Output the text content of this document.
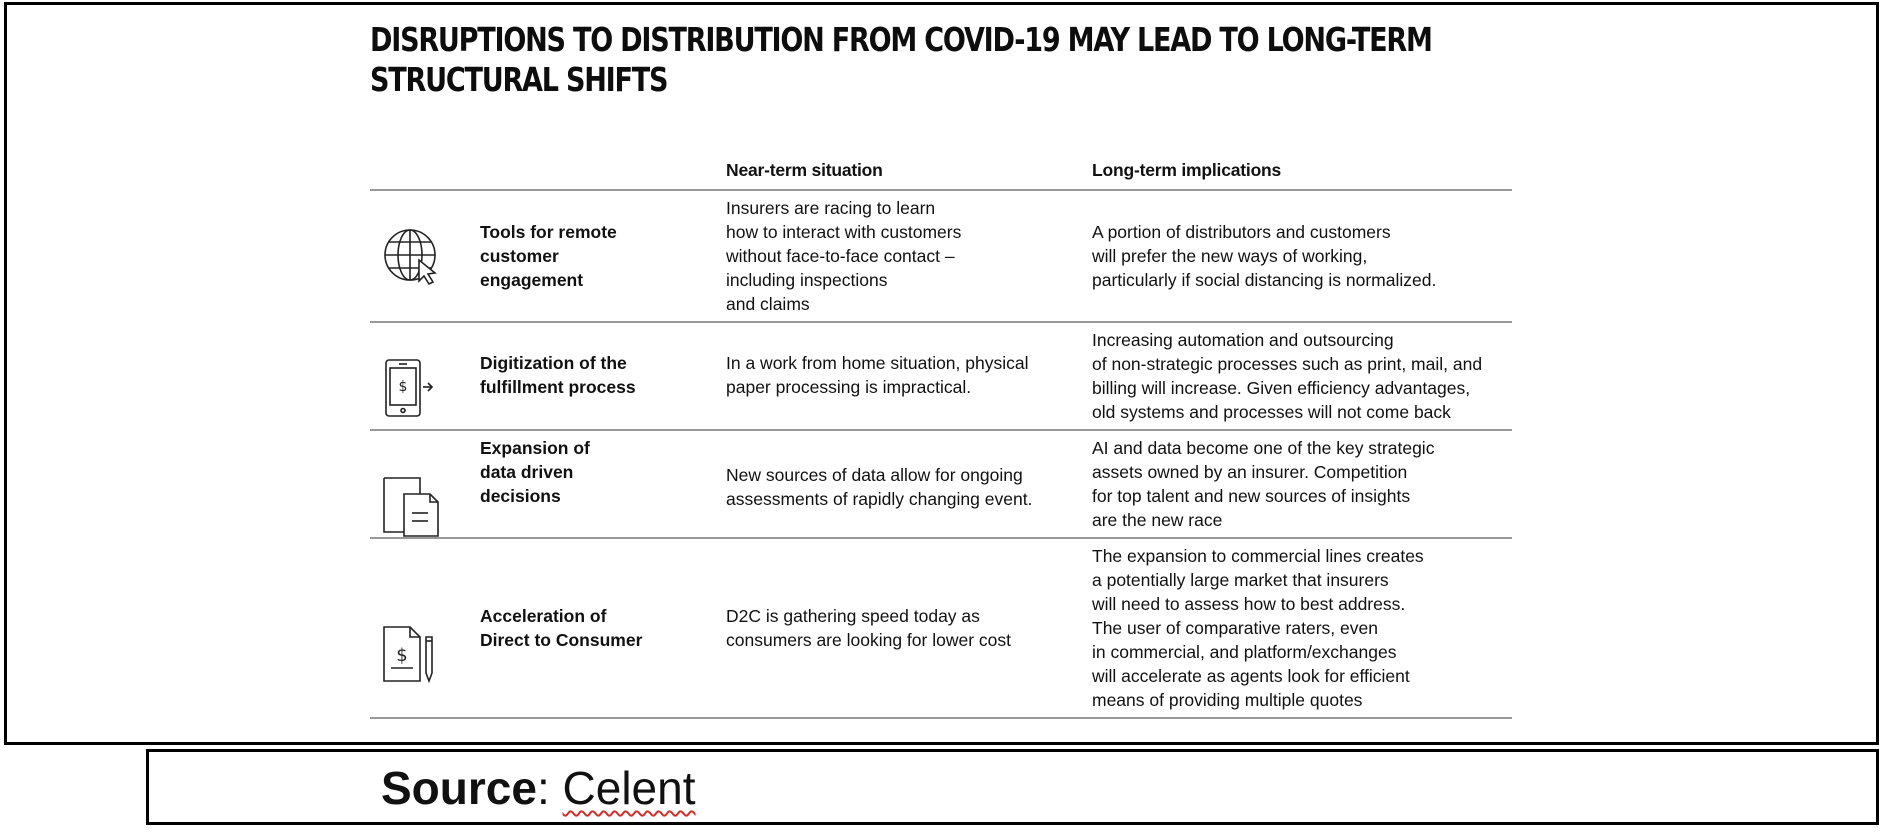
DISRUPTIONS TO DISTRIBUTION FROM COVID-19 MAY LEAD TO LONG-TERM
STRUCTURAL SHIFTS
Near-term situation	Long-term implications
Tools for remote
customer
engagement
Insurers are racing to learn
how to interact with customers
without face-to-face contact –
including inspections
and claims
A portion of distributors and customers
will prefer the new ways of working,
particularly if social distancing is normalized.
$
Digitization of the
fulfillment process
In a work from home situation, physical
paper processing is impractical.
Increasing automation and outsourcing
of non-strategic processes such as print, mail, and
billing will increase. Given efficiency advantages,
old systems and processes will not come back
Expansion of
data driven
decisions
New sources of data allow for ongoing
assessments of rapidly changing event.
AI and data become one of the key strategic
assets owned by an insurer. Competition
for top talent and new sources of insights
are the new race
$
Acceleration of
Direct to Consumer
D2C is gathering speed today as
consumers are looking for lower cost
The expansion to commercial lines creates
a potentially large market that insurers
will need to assess how to best address.
The user of comparative raters, even
in commercial, and platform/exchanges
will accelerate as agents look for efficient
means of providing multiple quotes
Source: Celent
